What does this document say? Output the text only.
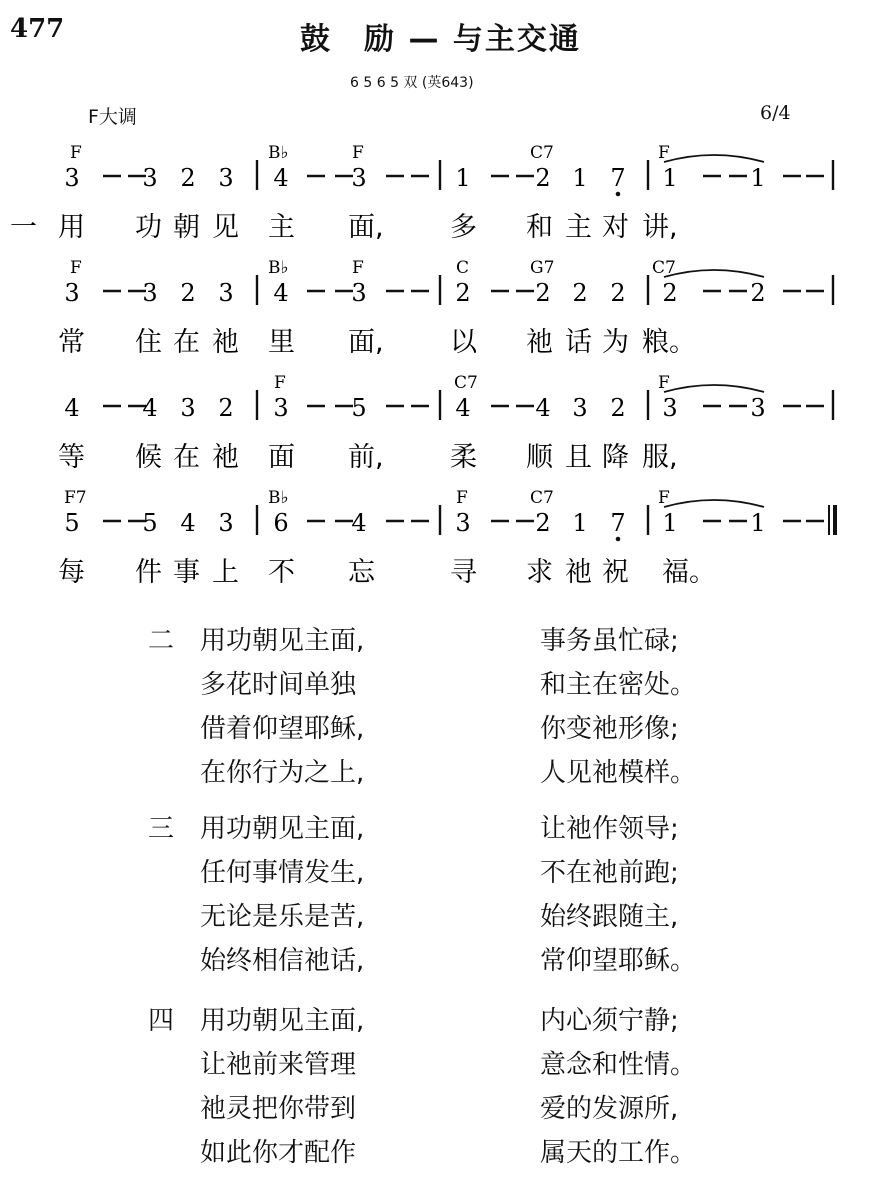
477	鼓　励 — 与主交通
6 5 6 5 双 (英643)
F大调	6/4
F	B♭	F	C7	F
3	3 2 3 4	3	1	2 1 7 1	1
一 用 功 朝 见 主 面, 多 和 主 对 讲,
F	B♭	F	C	G7	C7
3	3 2 3 4	3	2	2 2 2 2	2
常 住 在 祂 里 面, 以 祂 话 为 粮。
F	C7	F
4	4 3 2 3	5	4	4 3 2 3	3
等 候 在 祂 面 前, 柔 顺 且 降 服,
F7	B♭	F	C7	F
5	5 4 3 6	4	3	2 1 7 1	1
每 件 事 上 不 忘	寻 求 祂 祝 福。
二 用功朝见主面,	事务虽忙碌;
多花时间单独	和主在密处。
借着仰望耶稣,	你变祂形像;
在你行为之上,	人见祂模样。
三 用功朝见主面,	让祂作领导;
任何事情发生,	不在祂前跑;
无论是乐是苦,	始终跟随主,
始终相信祂话,	常仰望耶稣。
四 用功朝见主面,	内心须宁静;
让祂前来管理	意念和性情。
祂灵把你带到	爱的发源所,
如此你才配作	属天的工作。
